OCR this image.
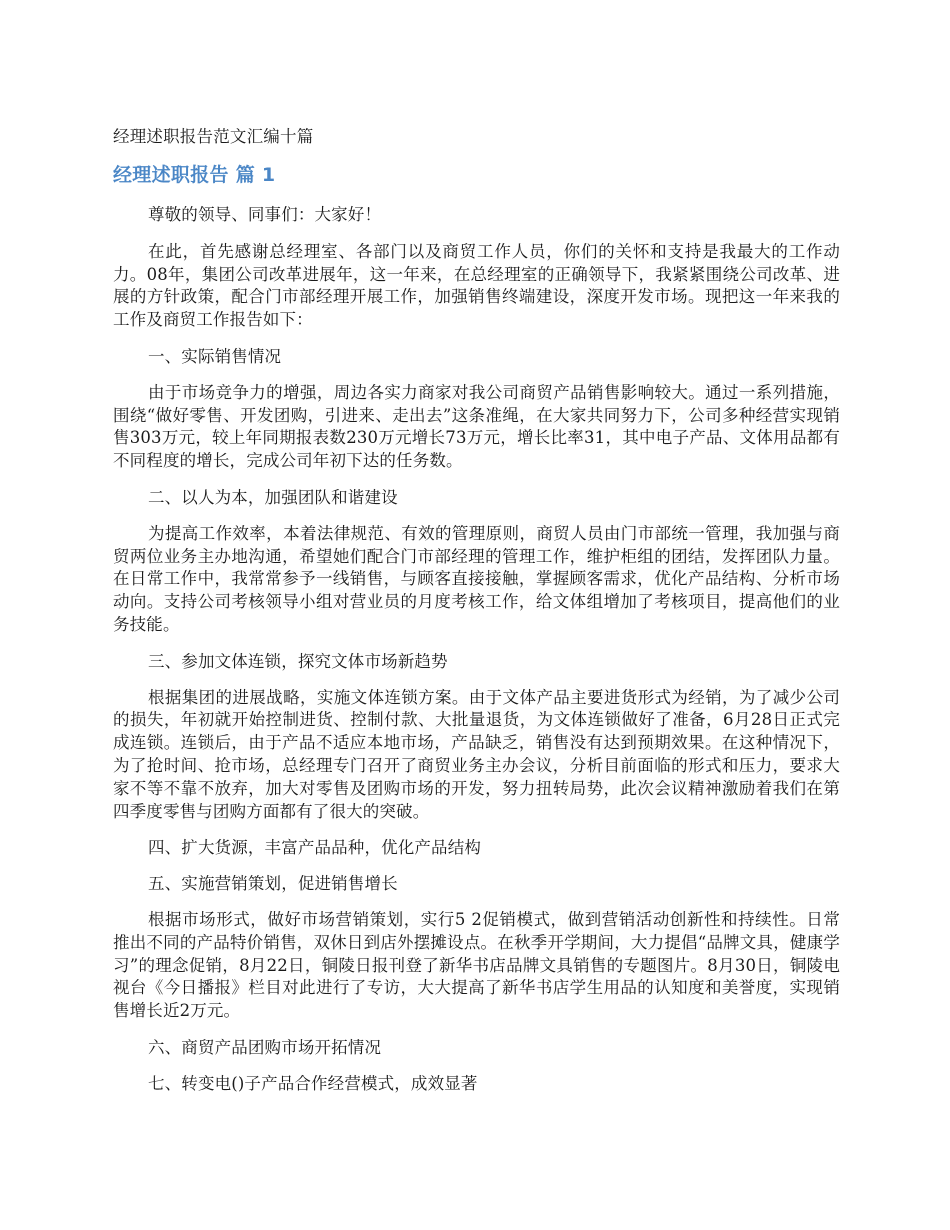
经理述职报告范文汇编十篇
经理述职报告 篇 1

尊敬的领导、同事们：大家好！

在此，首先感谢总经理室、各部门以及商贸工作人员，你们的关怀和支持是我最大的工作动力。08年，集团公司改革进展年，这一年来，在总经理室的正确领导下，我紧紧围绕公司改革、进展的方针政策，配合门市部经理开展工作，加强销售终端建设，深度开发市场。现把这一年来我的工作及商贸工作报告如下：

一、实际销售情况

由于市场竞争力的增强，周边各实力商家对我公司商贸产品销售影响较大。通过一系列措施，围绕“做好零售、开发团购，引进来、走出去”这条准绳，在大家共同努力下，公司多种经营实现销售303万元，较上年同期报表数230万元增长73万元，增长比率31，其中电子产品、文体用品都有不同程度的增长，完成公司年初下达的任务数。

二、以人为本，加强团队和谐建设

为提高工作效率，本着法律规范、有效的管理原则，商贸人员由门市部统一管理，我加强与商贸两位业务主办地沟通，希望她们配合门市部经理的管理工作，维护柜组的团结，发挥团队力量。在日常工作中，我常常参予一线销售，与顾客直接接触，掌握顾客需求，优化产品结构、分析市场动向。支持公司考核领导小组对营业员的月度考核工作，给文体组增加了考核项目，提高他们的业务技能。

三、参加文体连锁，探究文体市场新趋势

根据集团的进展战略，实施文体连锁方案。由于文体产品主要进货形式为经销，为了减少公司的损失，年初就开始控制进货、控制付款、大批量退货，为文体连锁做好了准备，6月28日正式完成连锁。连锁后，由于产品不适应本地市场，产品缺乏，销售没有达到预期效果。在这种情况下，为了抢时间、抢市场，总经理专门召开了商贸业务主办会议，分析目前面临的形式和压力，要求大家不等不靠不放弃，加大对零售及团购市场的开发，努力扭转局势，此次会议精神激励着我们在第四季度零售与团购方面都有了很大的突破。

四、扩大货源，丰富产品品种，优化产品结构

五、实施营销策划，促进销售增长

根据市场形式，做好市场营销策划，实行5 2促销模式，做到营销活动创新性和持续性。日常推出不同的产品特价销售，双休日到店外摆摊设点。在秋季开学期间，大力提倡“品牌文具，健康学习”的理念促销，8月22日，铜陵日报刊登了新华书店品牌文具销售的专题图片。8月30日，铜陵电视台《今日播报》栏目对此进行了专访，大大提高了新华书店学生用品的认知度和美誉度，实现销售增长近2万元。

六、商贸产品团购市场开拓情况

七、转变电()子产品合作经营模式，成效显著
